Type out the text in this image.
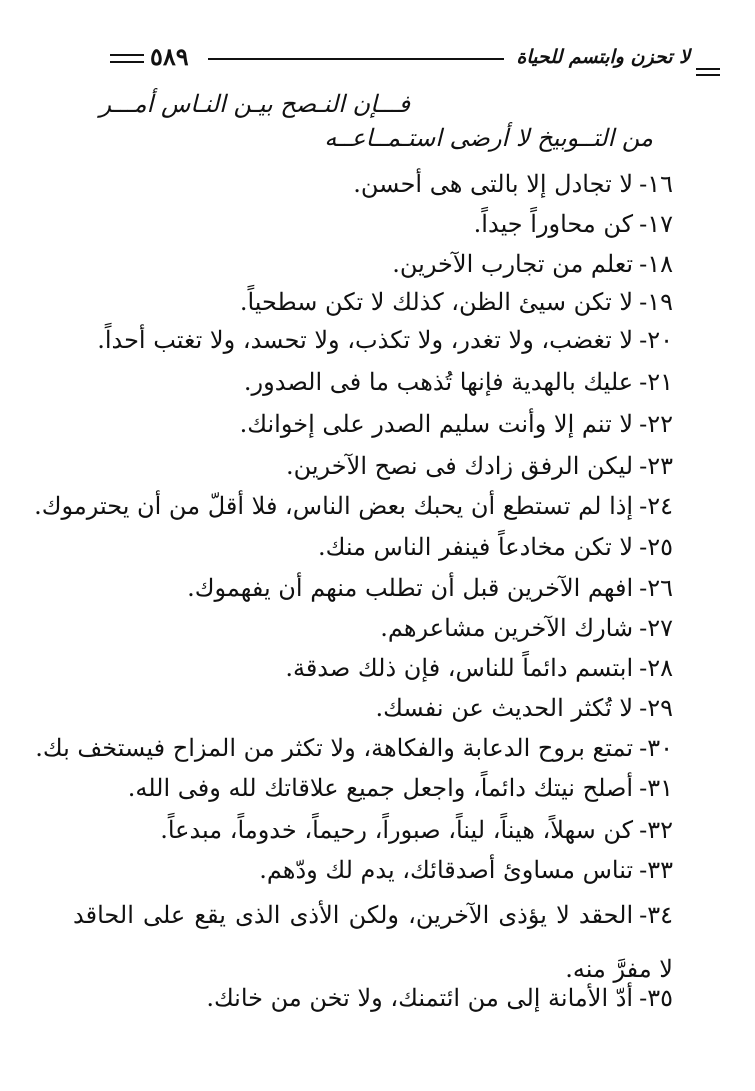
٥٨٩	لا تحزن وابتسم للحياة
فـــإن النـصح بيـن النـاس أمـــر
من التــوبيخ لا أرضى استـمــاعــه
١٦-لا تجادل إلا بالتى هى أحسن.
١٧-كن محاوراً جيداً.
١٨-تعلم من تجارب الآخرين.
١٩-لا تكن سيئ الظن، كذلك لا تكن سطحياً.
٢٠-لا تغضب، ولا تغدر، ولا تكذب، ولا تحسد، ولا تغتب أحداً.
٢١-عليك بالهدية فإنها تُذهب ما فى الصدور.
٢٢-لا تنم إلا وأنت سليم الصدر على إخوانك.
٢٣-ليكن الرفق زادك فى نصح الآخرين.
٢٤-إذا لم تستطع أن يحبك بعض الناس، فلا أقلّ من أن يحترموك.
٢٥-لا تكن مخادعاً فينفر الناس منك.
٢٦-افهم الآخرين قبل أن تطلب منهم أن يفهموك.
٢٧-شارك الآخرين مشاعرهم.
٢٨-ابتسم دائماً للناس، فإن ذلك صدقة.
٢٩-لا تُكثر الحديث عن نفسك.
٣٠-تمتع بروح الدعابة والفكاهة، ولا تكثر من المزاح فيستخف بك.
٣١-أصلح نيتك دائماً، واجعل جميع علاقاتك لله وفى الله.
٣٢-كن سهلاً، هيناً، ليناً، صبوراً، رحيماً، خدوماً، مبدعاً.
٣٣-تناس مساوئ أصدقائك، يدم لك ودّهم.
٣٤-الحقد لا يؤذى الآخرين، ولكن الأذى الذى يقع على الحاقد لا مفرَّ منه.
٣٥-أدّ الأمانة إلى من ائتمنك، ولا تخن من خانك.
